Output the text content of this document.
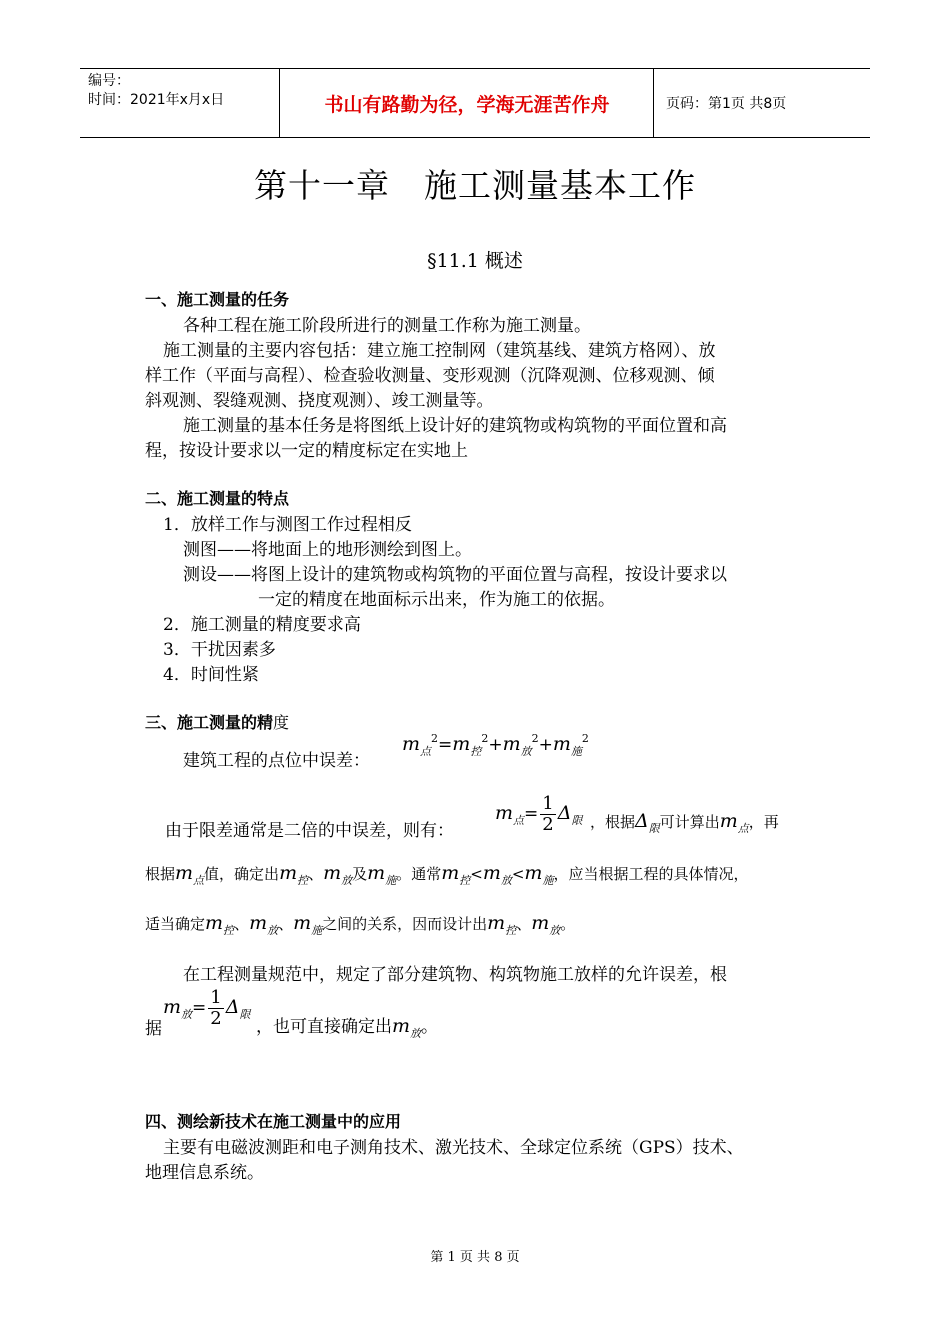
编号：
时间：2021年x月x日	书山有路勤为径，学海无涯苦作舟	页码：第1页 共8页
第十一章　施工测量基本工作
§11.1 概述
一、施工测量的任务
各种工程在施工阶段所进行的测量工作称为施工测量。
施工测量的主要内容包括：建立施工控制网（建筑基线、建筑方格网）、放
样工作（平面与高程）、检查验收测量、变形观测（沉降观测、位移观测、倾
斜观测、裂缝观测、挠度观测）、竣工测量等。
施工测量的基本任务是将图纸上设计好的建筑物或构筑物的平面位置和高
程，按设计要求以一定的精度标定在实地上
二、施工测量的特点
1．放样工作与测图工作过程相反
测图——将地面上的地形测绘到图上。
测设——将图上设计的建筑物或构筑物的平面位置与高程，按设计要求以
一定的精度在地面标示出来，作为施工的依据。
2．施工测量的精度要求高
3．干扰因素多
4．时间性紧
三、施工测量的精度
建筑工程的点位中误差：
$m_点^2=m_控^2+m_放^2+m_施^2$
由于限差通常是二倍的中误差，则有：
$m_点= \frac{1}{2} \Delta_限$ ，根据$\Delta_限$可计算出$m_点$，再
根据$m_点$值，确定出$m_控$、$m_放$及$m_施$。通常$m_控<m_放<m_施$，应当根据工程的具体情况，
适当确定$m_控$、$m_放$、$m_施$之间的关系，因而设计出$m_控$、$m_放$。
在工程测量规范中，规定了部分建筑物、构筑物施工放样的允许误差，根
据
$m_放= \frac{1}{2} \Delta_限$
，也可直接确定出$m_放$。
四、测绘新技术在施工测量中的应用
主要有电磁波测距和电子测角技术、激光技术、全球定位系统（GPS）技术、
地理信息系统。
第 1 页 共 8 页
